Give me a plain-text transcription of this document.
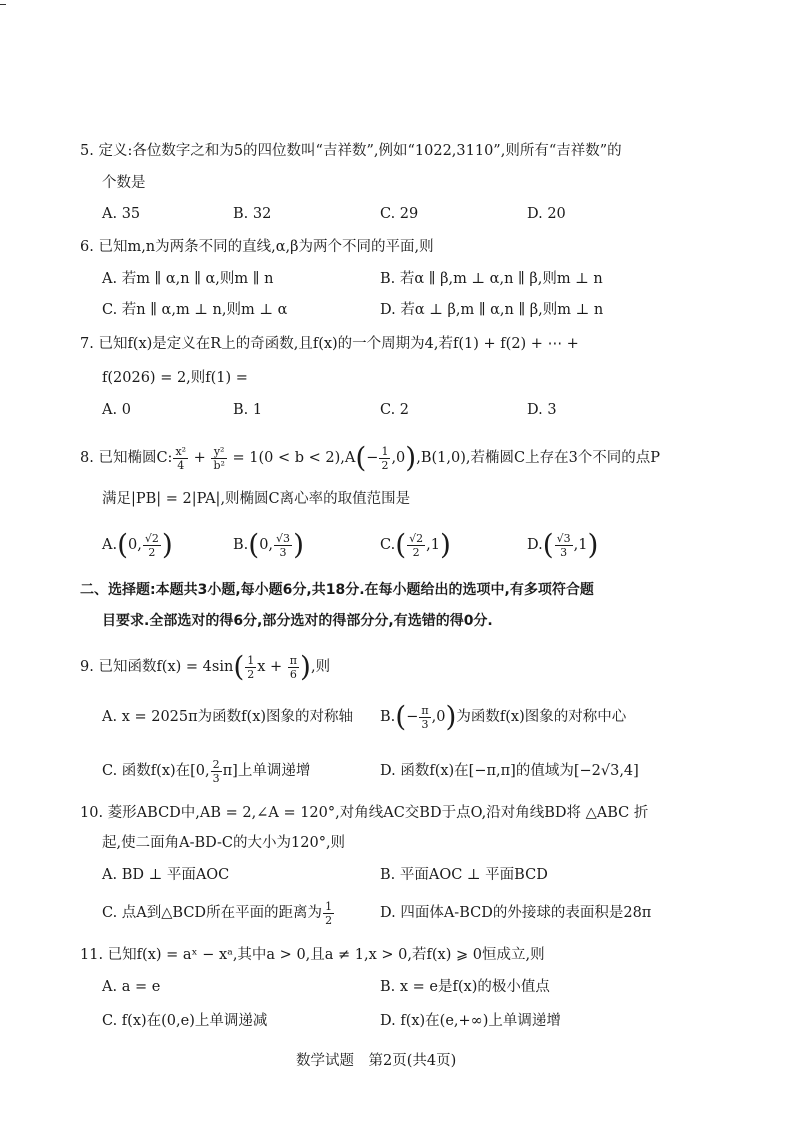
5. 定义:各位数字之和为5的四位数叫“吉祥数”,例如“1022,3110”,则所有“吉祥数”的
个数是
A. 35	B. 32	C. 29	D. 20
6. 已知m,n为两条不同的直线,α,β为两个不同的平面,则
A. 若m ∥ α,n ∥ α,则m ∥ n	B. 若α ∥ β,m ⊥ α,n ∥ β,则m ⊥ n
C. 若n ∥ α,m ⊥ n,则m ⊥ α	D. 若α ⊥ β,m ∥ α,n ∥ β,则m ⊥ n
7. 已知f(x)是定义在R上的奇函数,且f(x)的一个周期为4,若f(1) + f(2) + ⋯ +
f(2026) = 2,则f(1) =
A. 0	B. 1	C. 2	D. 3
8. 已知椭圆C: $\frac{\text{x²}}{4} + \frac{\text{y²}}{\text{b²}} = 1(0 < b < 2),A(- \frac{1}{2} ,0),B(1,0)$,若椭圆C上存在3个不同的点P
满足|PB| = 2|PA|,则椭圆C离心率的取值范围是
A.(0, $\frac{√2}{2}$ )	B.(0, $\frac{√3}{3}$ )	$C.( \frac{√2}{2} ,1)$	$D.( \frac{√3}{3} ,1)$
二、选择题:本题共3小题,每小题6分,共18分.在每小题给出的选项中,有多项符合题
目要求.全部选对的得6分,部分选对的得部分分,有选错的得0分.
9. 已知函数$f(x) = 4\sin( \frac{1}{2}$ $x + \frac{\pi}{6}$ ),则
A. x = 2025π为函数f(x)图象的对称轴 $B.(- \frac{\pi}{3} ,0)$为函数f(x)图象的对称中心
C. 函数f(x)在[0, $\frac{2}{3} \pi$]上单调递增	D. 函数f(x)在[−π,π]的值域为[−2√3,4]
10. 菱形ABCD中,AB = 2,∠A = 120°,对角线AC交BD于点O,沿对角线BD将 △ABC 折
起,使二面角A-BD-C的大小为120°,则
A. BD ⊥ 平面AOC	B. 平面AOC ⊥ 平面BCD
C. 点A到△BCD所在平面的距离为 $\frac{1}{2}$	D. 四面体A-BCD的外接球的表面积是28π
11. 已知f(x) = aˣ − xᵃ,其中a > 0,且a ≠ 1,x > 0,若f(x) ⩾ 0恒成立,则
A. a = e	B. x = e是f(x)的极小值点
C. f(x)在(0,e)上单调递减	D. f(x)在(e,+∞)上单调递增
数学试题　第2页(共4页)
